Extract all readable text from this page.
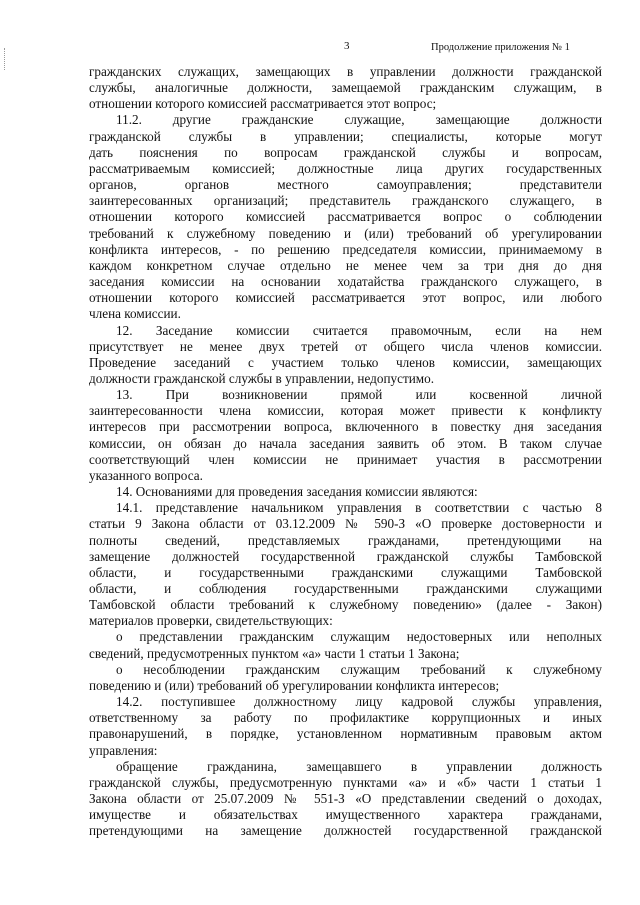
3	Продолжение приложения № 1

гражданских служащих, замещающих в управлении должности гражданской

службы, аналогичные должности, замещаемой гражданским служащим, в

отношении которого комиссией рассматривается этот вопрос;

11.2. другие гражданские служащие, замещающие должности

гражданской службы в управлении; специалисты, которые могут

дать пояснения по вопросам гражданской службы и вопросам,

рассматриваемым комиссией; должностные лица других государственных

органов, органов местного самоуправления; представители

заинтересованных организаций; представитель гражданского служащего, в

отношении которого комиссией рассматривается вопрос о соблюдении

требований к служебному поведению и (или) требований об урегулировании

конфликта интересов, - по решению председателя комиссии, принимаемому в

каждом конкретном случае отдельно не менее чем за три дня до дня

заседания комиссии на основании ходатайства гражданского служащего, в

отношении которого комиссией рассматривается этот вопрос, или любого

члена комиссии.

12. Заседание комиссии считается правомочным, если на нем

присутствует не менее двух третей от общего числа членов комиссии.

Проведение заседаний с участием только членов комиссии, замещающих

должности гражданской службы в управлении, недопустимо.

13. При возникновении прямой или косвенной личной

заинтересованности члена комиссии, которая может привести к конфликту

интересов при рассмотрении вопроса, включенного в повестку дня заседания

комиссии, он обязан до начала заседания заявить об этом. В таком случае

соответствующий член комиссии не принимает участия в рассмотрении

указанного вопроса.

14. Основаниями для проведения заседания комиссии являются:

14.1. представление начальником управления в соответствии с частью 8

статьи 9 Закона области от 03.12.2009 № 590-З «О проверке достоверности и

полноты сведений, представляемых гражданами, претендующими на

замещение должностей государственной гражданской службы Тамбовской

области, и государственными гражданскими служащими Тамбовской

области, и соблюдения государственными гражданскими служащими

Тамбовской области требований к служебному поведению» (далее - Закон)

материалов проверки, свидетельствующих:

о представлении гражданским служащим недостоверных или неполных

сведений, предусмотренных пунктом «а» части 1 статьи 1 Закона;

о несоблюдении гражданским служащим требований к служебному

поведению и (или) требований об урегулировании конфликта интересов;

14.2. поступившее должностному лицу кадровой службы управления,

ответственному за работу по профилактике коррупционных и иных

правонарушений, в порядке, установленном нормативным правовым актом

управления:

обращение гражданина, замещавшего в управлении должность

гражданской службы, предусмотренную пунктами «а» и «б» части 1 статьи 1

Закона области от 25.07.2009 № 551-З «О представлении сведений о доходах,

имуществе и обязательствах имущественного характера гражданами,

претендующими на замещение должностей государственной гражданской
